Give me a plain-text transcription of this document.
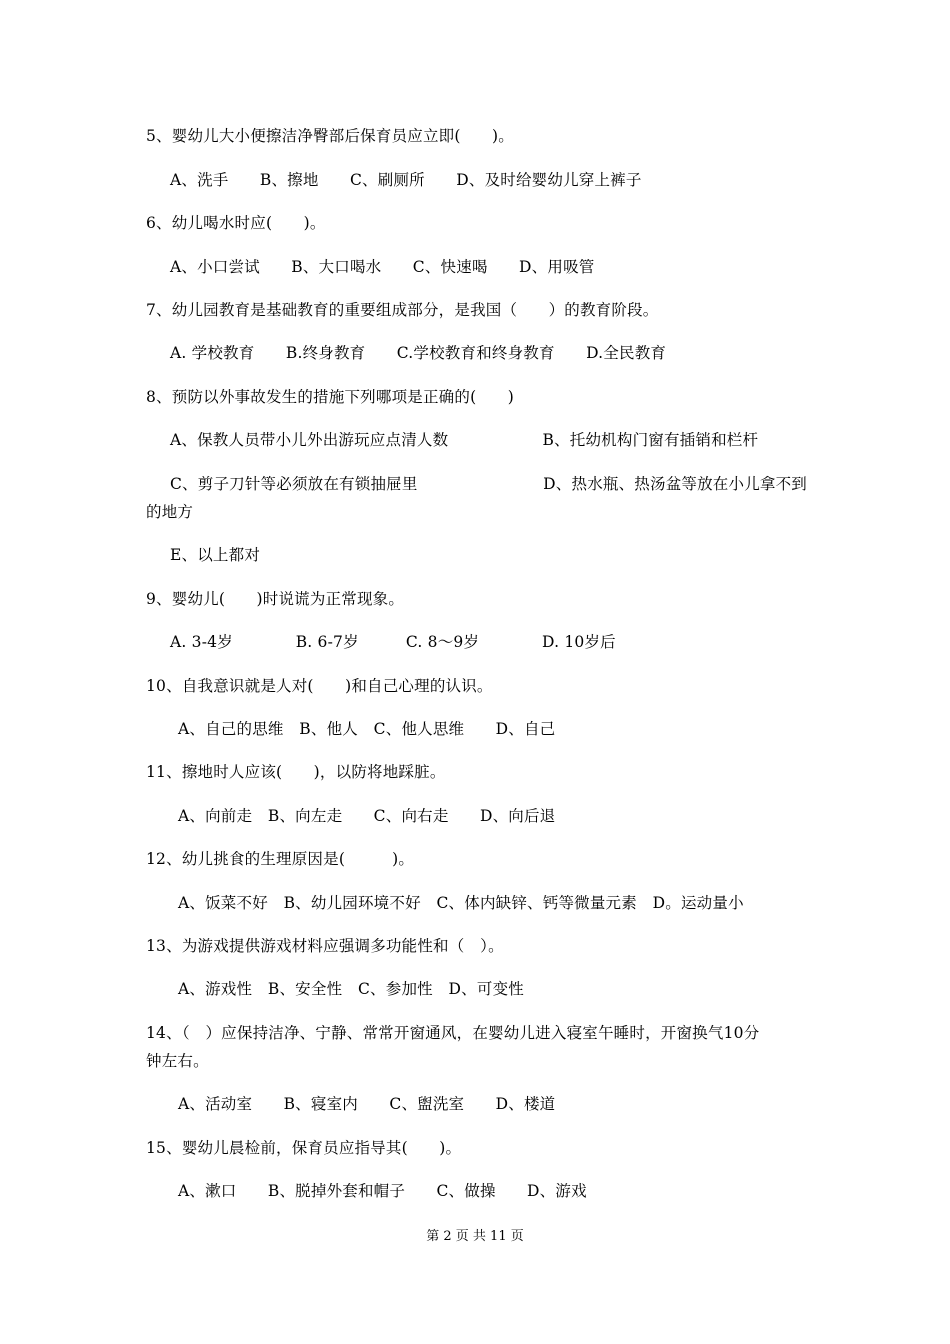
5、婴幼儿大小便擦洁净臀部后保育员应立即(　　)。
A、洗手　　B、擦地　　C、刷厕所　　D、及时给婴幼儿穿上裤子
6、幼儿喝水时应(　　)。
A、小口尝试　　B、大口喝水　　C、快速喝　　D、用吸管
7、幼儿园教育是基础教育的重要组成部分，是我国（　　）的教育阶段。
A. 学校教育　　B.终身教育　　C.学校教育和终身教育　　D.全民教育
8、预防以外事故发生的措施下列哪项是正确的(　　)
A、保教人员带小儿外出游玩应点清人数　　　　　　B、托幼机构门窗有插销和栏杆
C、剪子刀针等必须放在有锁抽屉里　　　　　　　　D、热水瓶、热汤盆等放在小儿拿不到
的地方
E、以上都对
9、婴幼儿(　　)时说谎为正常现象。
A. 3-4岁　　　　B. 6-7岁　　　C. 8～9岁　　　　D. 10岁后
10、自我意识就是人对(　　)和自己心理的认识。
A、自己的思维　B、他人　C、他人思维　　D、自己
11、擦地时人应该(　　)，以防将地踩脏。
A、向前走　B、向左走　　C、向右走　　D、向后退
12、幼儿挑食的生理原因是(　　　)。
A、饭菜不好　B、幼儿园环境不好　C、体内缺锌、钙等微量元素　D。运动量小
13、为游戏提供游戏材料应强调多功能性和（　）。
A、游戏性　B、安全性　C、参加性　D、可变性
14、（　）应保持洁净、宁静、常常开窗通风，在婴幼儿进入寝室午睡时，开窗换气10分
钟左右。
A、活动室　　B、寝室内　　C、盥洗室　　D、楼道
15、婴幼儿晨检前，保育员应指导其(　　)。
A、漱口　　B、脱掉外套和帽子　　C、做操　　D、游戏
第 2 页 共 11 页
